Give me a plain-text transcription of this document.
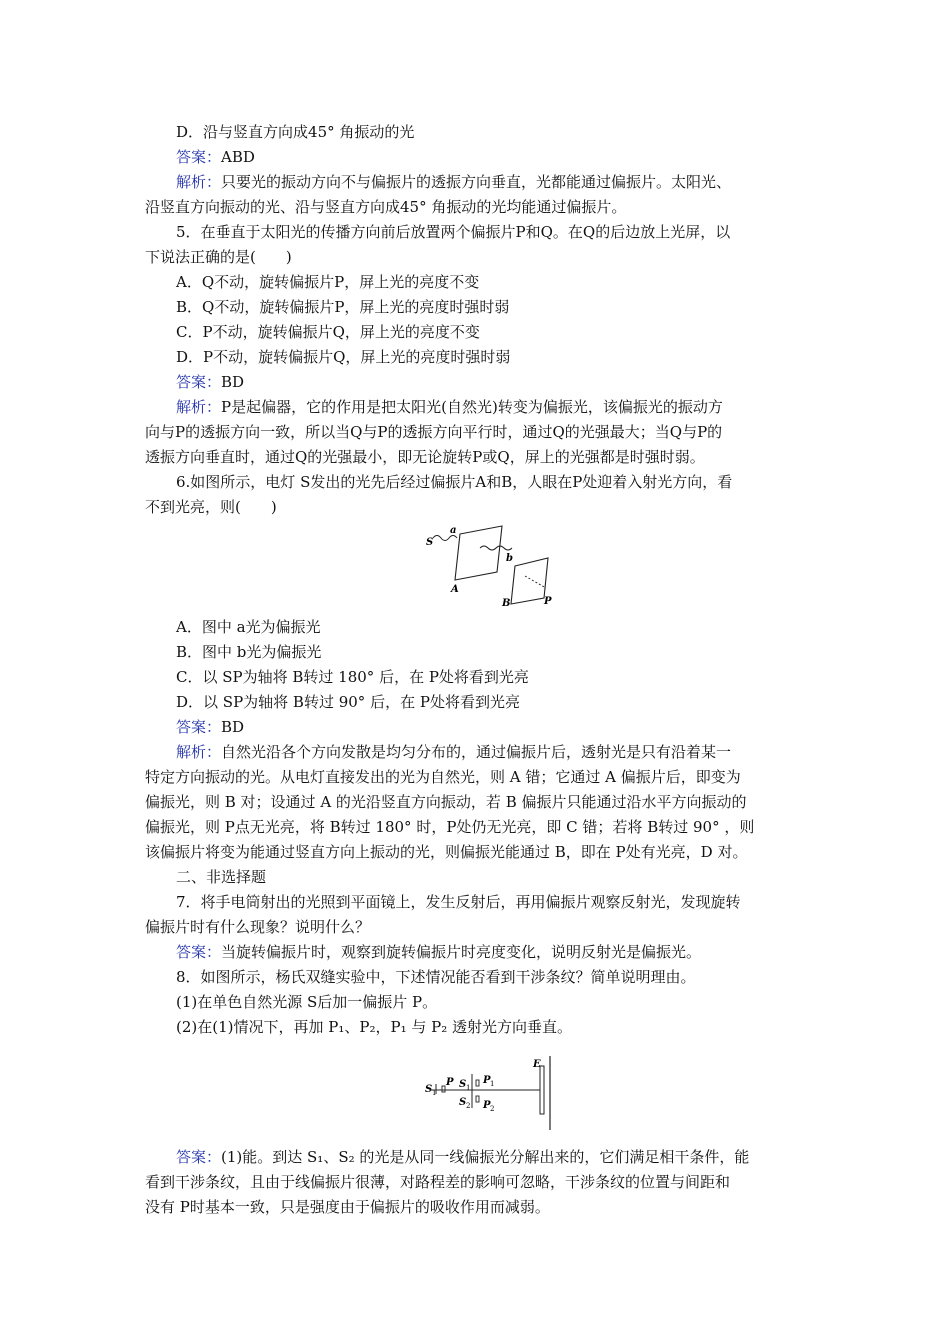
D．沿与竖直方向成45° 角振动的光
答案：ABD
解析：只要光的振动方向不与偏振片的透振方向垂直，光都能通过偏振片。太阳光、
沿竖直方向振动的光、沿与竖直方向成45° 角振动的光均能通过偏振片。
5．在垂直于太阳光的传播方向前后放置两个偏振片P和Q。在Q的后边放上光屏，以
下说法正确的是(　　)
A．Q不动，旋转偏振片P，屏上光的亮度不变
B．Q不动，旋转偏振片P，屏上光的亮度时强时弱
C．P不动，旋转偏振片Q，屏上光的亮度不变
D．P不动，旋转偏振片Q，屏上光的亮度时强时弱
答案：BD
解析：P是起偏器，它的作用是把太阳光(自然光)转变为偏振光，该偏振光的振动方
向与P的透振方向一致，所以当Q与P的透振方向平行时，通过Q的光强最大；当Q与P的
透振方向垂直时，通过Q的光强最小，即无论旋转P或Q，屏上的光强都是时强时弱。
6.如图所示，电灯 S发出的光先后经过偏振片A和B，人眼在P处迎着入射光方向，看
不到光亮，则(　　)
A．图中 a光为偏振光
B．图中 b光为偏振光
C．以 SP为轴将 B转过 180° 后，在 P处将看到光亮
D．以 SP为轴将 B转过 90° 后，在 P处将看到光亮
答案：BD
解析：自然光沿各个方向发散是均匀分布的，通过偏振片后，透射光是只有沿着某一
特定方向振动的光。从电灯直接发出的光为自然光，则 A 错；它通过 A 偏振片后，即变为
偏振光，则 B 对；设通过 A 的光沿竖直方向振动，若 B 偏振片只能通过沿水平方向振动的
偏振光，则 P点无光亮，将 B转过 180° 时，P处仍无光亮，即 C 错；若将 B转过 90° ，则
该偏振片将变为能通过竖直方向上振动的光，则偏振光能通过 B，即在 P处有光亮，D 对。
二、非选择题
7．将手电筒射出的光照到平面镜上，发生反射后，再用偏振片观察反射光，发现旋转
偏振片时有什么现象？说明什么？
答案：当旋转偏振片时，观察到旋转偏振片时亮度变化，说明反射光是偏振光。
8．如图所示，杨氏双缝实验中，下述情况能否看到干涉条纹？简单说明理由。
(1)在单色自然光源 S后加一偏振片 P。
(2)在(1)情况下，再加 P₁、P₂，P₁ 与 P₂ 透射光方向垂直。
答案：(1)能。到达 S₁、S₂ 的光是从同一线偏振光分解出来的，它们满足相干条件，能
看到干涉条纹，且由于线偏振片很薄，对路程差的影响可忽略，干涉条纹的位置与间距和
没有 P时基本一致，只是强度由于偏振片的吸收作用而减弱。
S
a
b
A
B	P
S 1
P S 1
S 2
P 1
P 2
E
